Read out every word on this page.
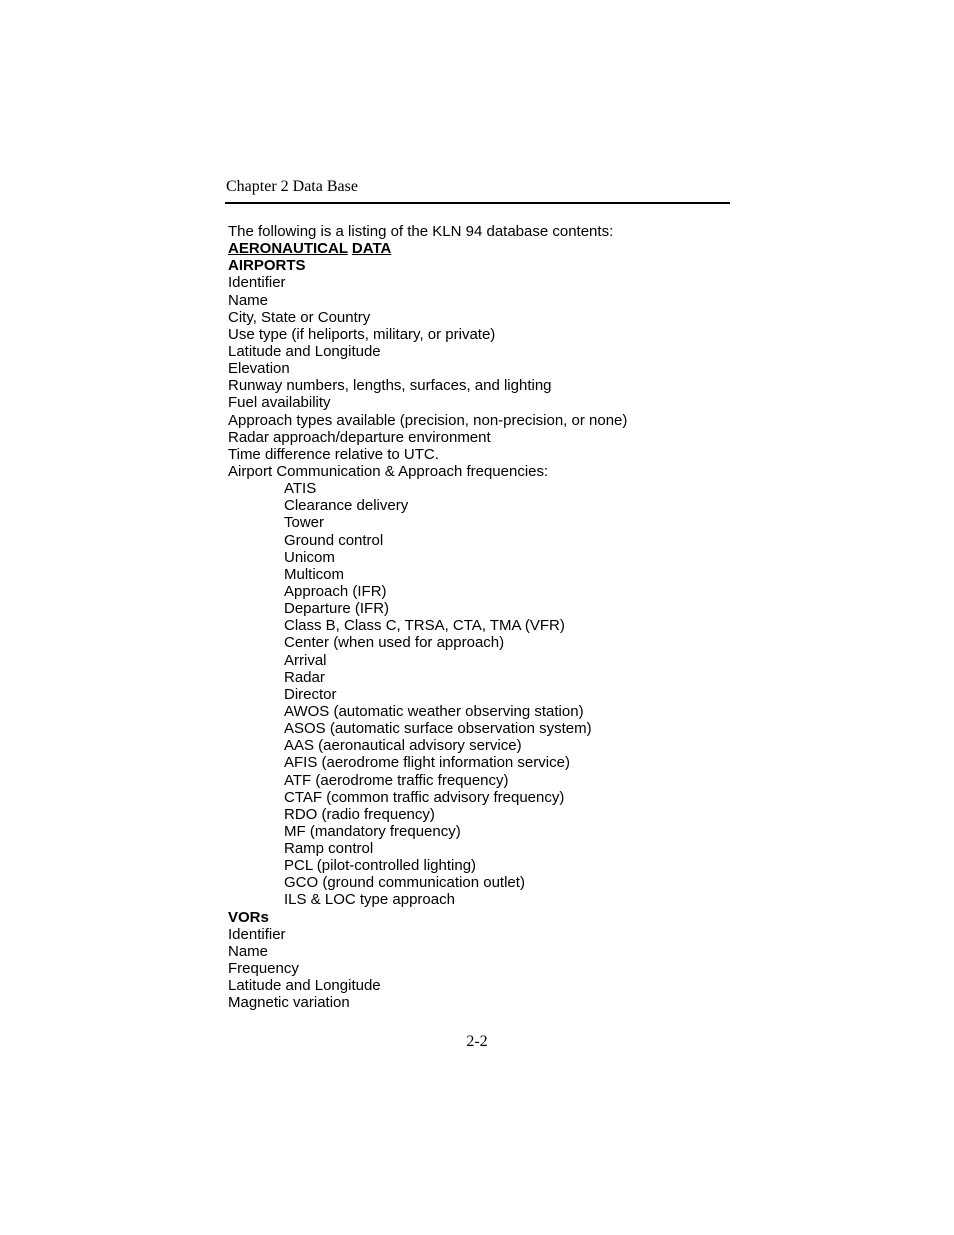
Chapter 2 Data Base
The following is a listing of the KLN 94 database contents:
AERONAUTICAL DATA
AIRPORTS
Identifier
Name
City, State or Country
Use type (if heliports, military, or private)
Latitude and Longitude
Elevation
Runway numbers, lengths, surfaces, and lighting
Fuel availability
Approach types available (precision, non-precision, or none)
Radar approach/departure environment
Time difference relative to UTC.
Airport Communication & Approach frequencies:
ATIS
Clearance delivery
Tower
Ground control
Unicom
Multicom
Approach (IFR)
Departure (IFR)
Class B, Class C, TRSA, CTA, TMA (VFR)
Center (when used for approach)
Arrival
Radar
Director
AWOS (automatic weather observing station)
ASOS (automatic surface observation system)
AAS (aeronautical advisory service)
AFIS (aerodrome flight information service)
ATF (aerodrome traffic frequency)
CTAF (common traffic advisory frequency)
RDO (radio frequency)
MF (mandatory frequency)
Ramp control
PCL (pilot-controlled lighting)
GCO (ground communication outlet)
ILS & LOC type approach
VORs
Identifier
Name
Frequency
Latitude and Longitude
Magnetic variation
2-2
